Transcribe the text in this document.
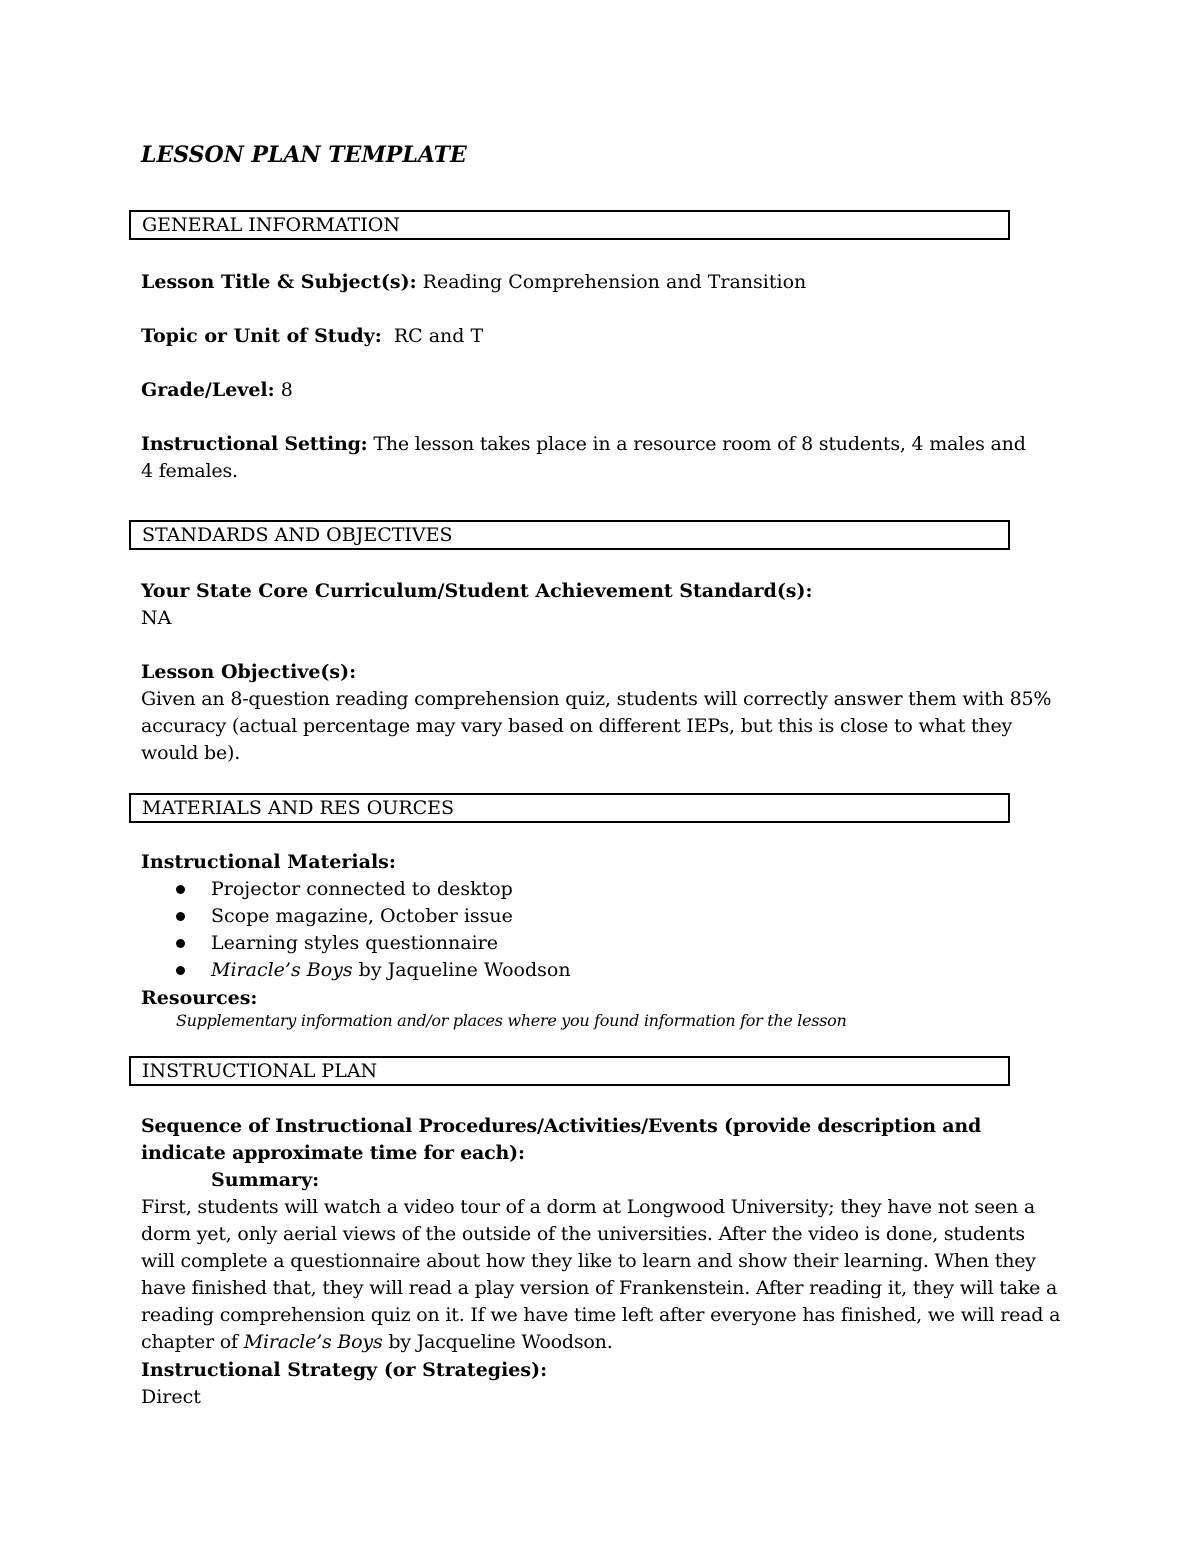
LESSON PLAN TEMPLATE
GENERAL INFORMATION
Lesson Title & Subject(s): Reading Comprehension and Transition
Topic or Unit of Study: RC and T
Grade/Level: 8
Instructional Setting: The lesson takes place in a resource room of 8 students, 4 males and 4 females.
STANDARDS AND OBJECTIVES
Your State Core Curriculum/Student Achievement Standard(s):
NA
Lesson Objective(s):
Given an 8-question reading comprehension quiz, students will correctly answer them with 85% accuracy (actual percentage may vary based on different IEPs, but this is close to what they would be).
MATERIALS AND RES OURCES
Instructional Materials:
Projector connected to desktop
Scope magazine, October issue
Learning styles questionnaire
Miracle’s Boys by Jaqueline Woodson
Resources:
Supplementary information and/or places where you found information for the lesson
INSTRUCTIONAL PLAN
Sequence of Instructional Procedures/Activities/Events (provide description and indicate approximate time for each):
Summary:
First, students will watch a video tour of a dorm at Longwood University; they have not seen a dorm yet, only aerial views of the outside of the universities. After the video is done, students will complete a questionnaire about how they like to learn and show their learning. When they have finished that, they will read a play version of Frankenstein. After reading it, they will take a reading comprehension quiz on it. If we have time left after everyone has finished, we will read a chapter of Miracle’s Boys by Jacqueline Woodson.
Instructional Strategy (or Strategies):
Direct
